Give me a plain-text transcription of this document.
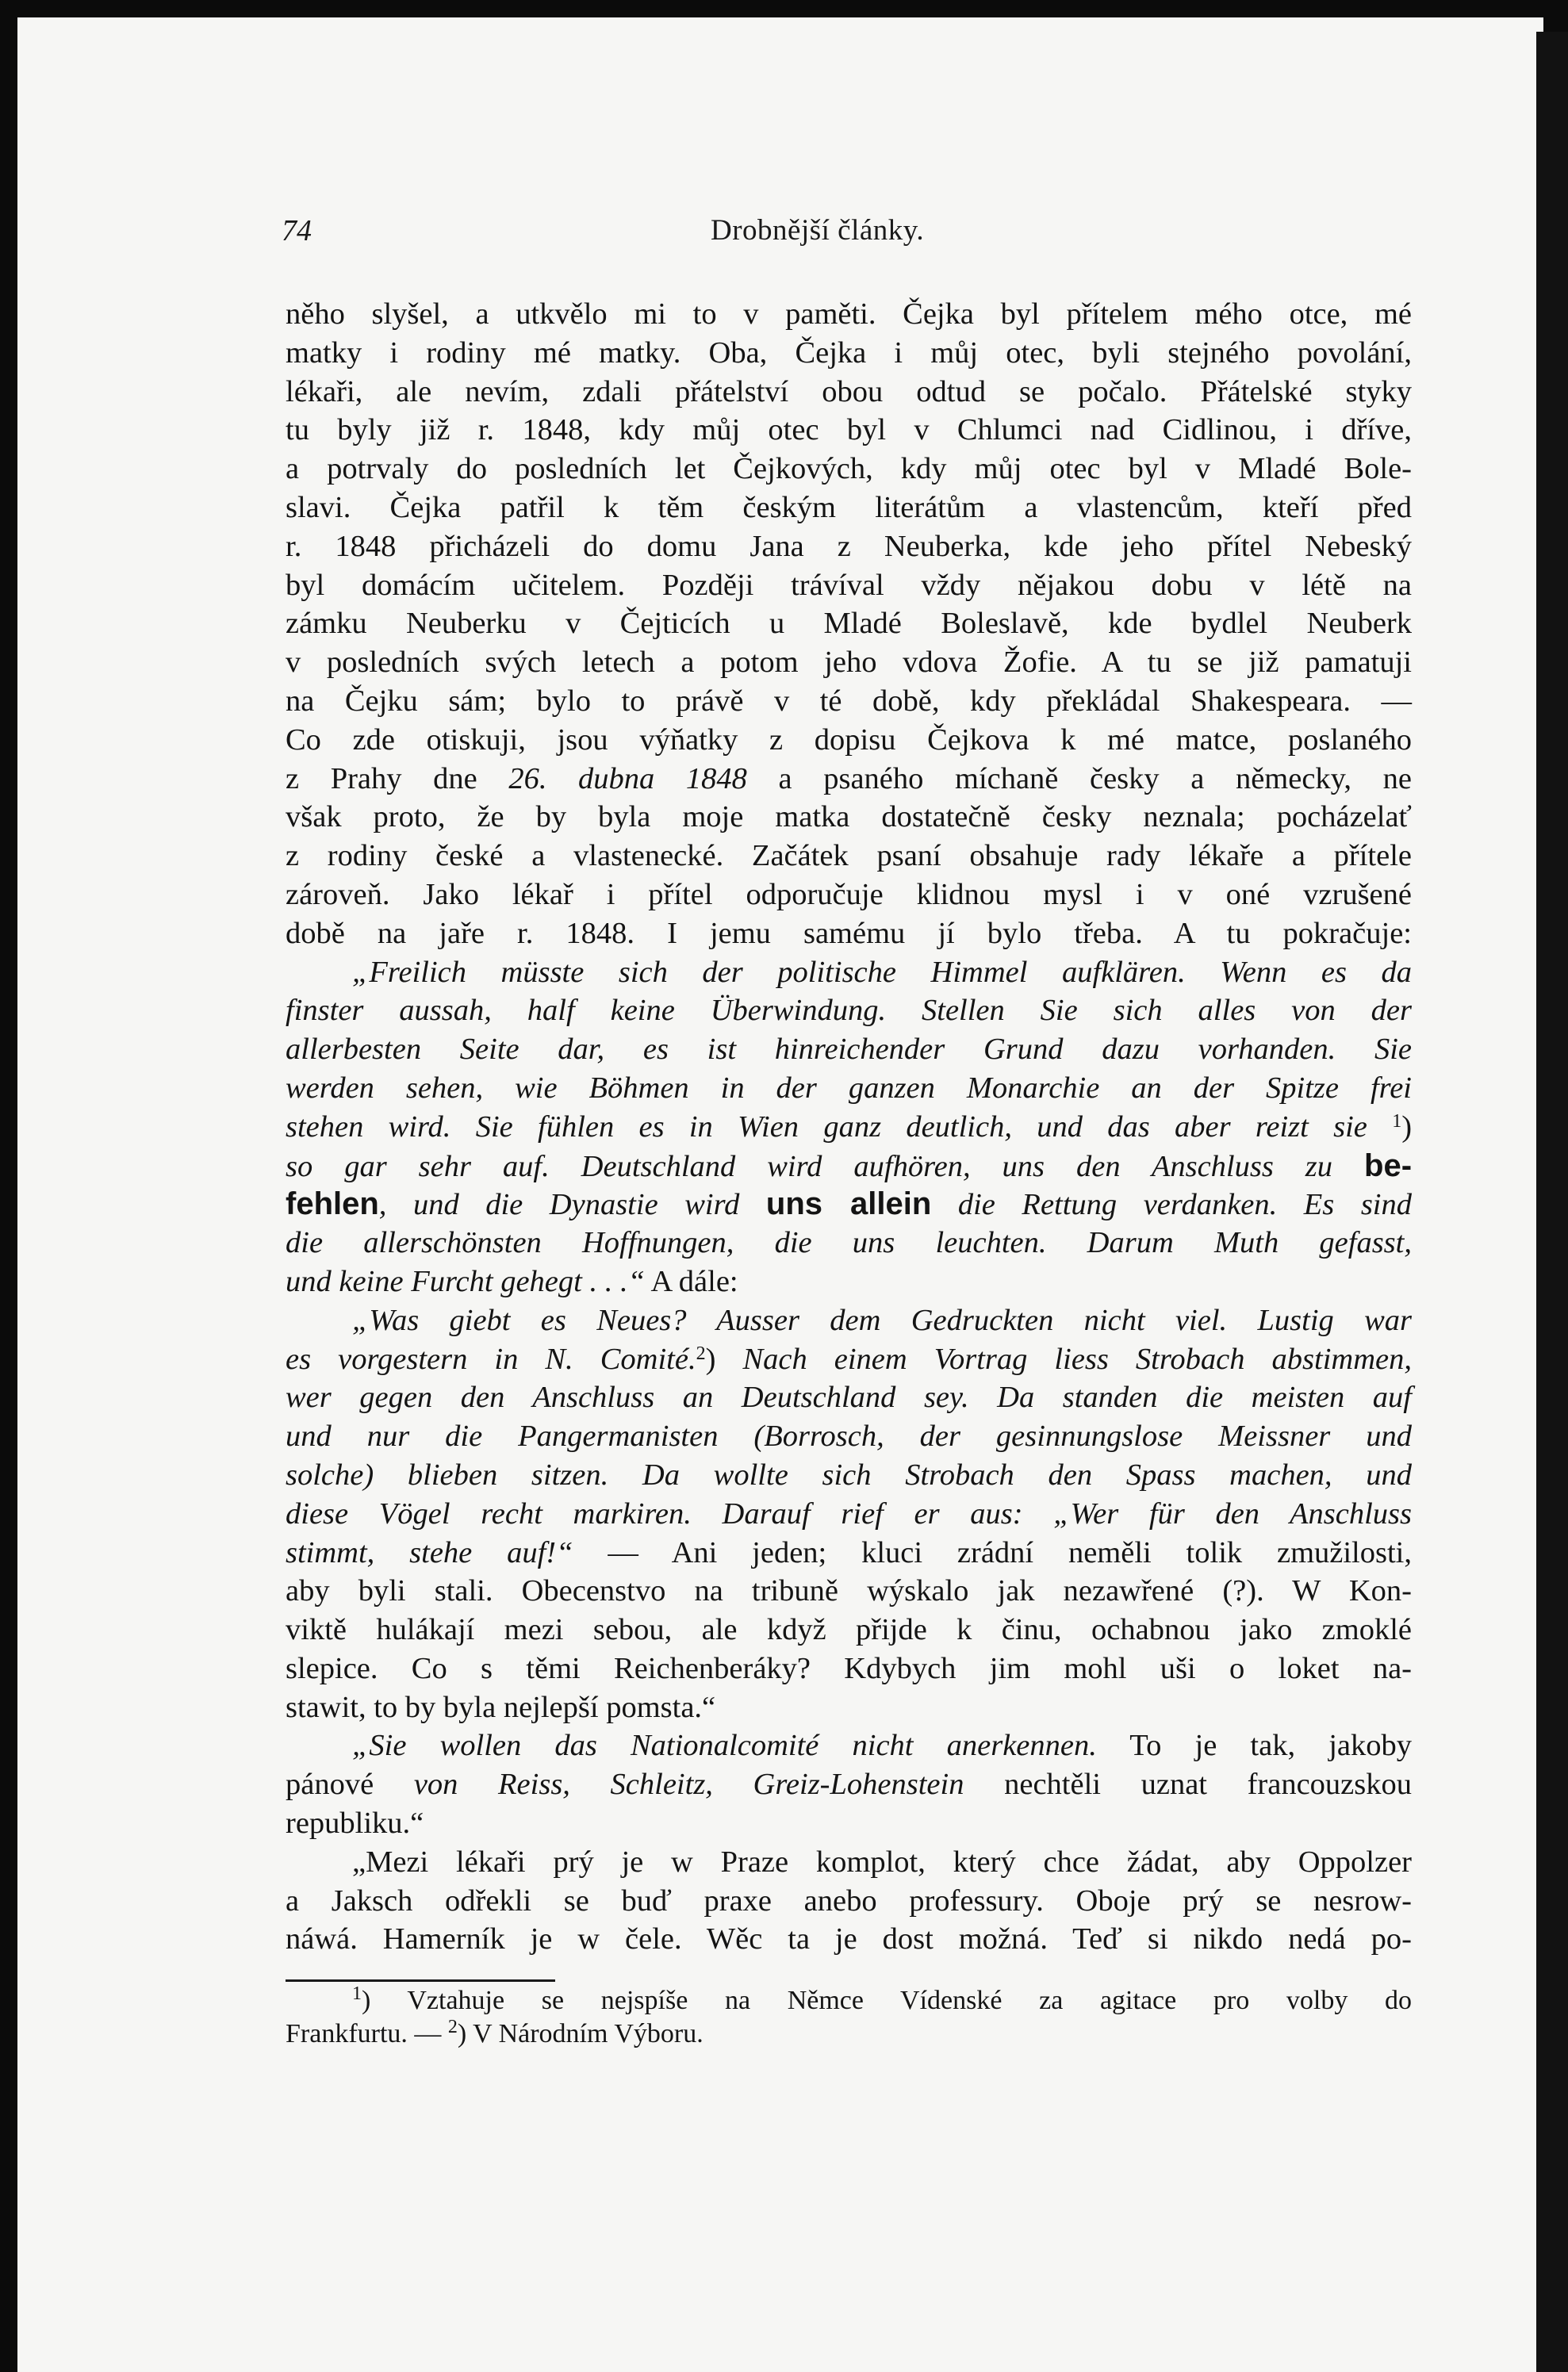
74	Drobnější články.
něho slyšel, a utkvělo mi to v paměti. Čejka byl přítelem mého otce, mé
matky i rodiny mé matky. Oba, Čejka i můj otec, byli stejného povolání,
lékaři, ale nevím, zdali přátelství obou odtud se počalo. Přátelské styky
tu byly již r. 1848, kdy můj otec byl v Chlumci nad Cidlinou, i dříve,
a potrvaly do posledních let Čejkových, kdy můj otec byl v Mladé Bole-
slavi. Čejka patřil k těm českým literátům a vlastencům, kteří před
r. 1848 přicházeli do domu Jana z Neuberka, kde jeho přítel Nebeský
byl domácím učitelem. Později trávíval vždy nějakou dobu v létě na
zámku Neuberku v Čejticích u Mladé Boleslavě, kde bydlel Neuberk
v posledních svých letech a potom jeho vdova Žofie. A tu se již pamatuji
na Čejku sám; bylo to právě v té době, kdy překládal Shakespeara. —
Co zde otiskuji, jsou výňatky z dopisu Čejkova k mé matce, poslaného
z Prahy dne 26. dubna 1848 a psaného míchaně česky a německy, ne
však proto, že by byla moje matka dostatečně česky neznala; pocházelať
z rodiny české a vlastenecké. Začátek psaní obsahuje rady lékaře a přítele
zároveň. Jako lékař i přítel odporučuje klidnou mysl i v oné vzrušené
době na jaře r. 1848. I jemu samému jí bylo třeba. A tu pokračuje:
„Freilich müsste sich der politische Himmel aufklären. Wenn es da
finster aussah, half keine Überwindung. Stellen Sie sich alles von der
allerbesten Seite dar, es ist hinreichender Grund dazu vorhanden. Sie
werden sehen, wie Böhmen in der ganzen Monarchie an der Spitze frei
stehen wird. Sie fühlen es in Wien ganz deutlich, und das aber reizt sie $^1$)
so gar sehr auf. Deutschland wird aufhören, uns den Anschluss zu be-
fehlen, und die Dynastie wird uns allein die Rettung verdanken. Es sind
die allerschönsten Hoffnungen, die uns leuchten. Darum Muth gefasst,
und keine Furcht gehegt . . .“ A dále:
„Was giebt es Neues? Ausser dem Gedruckten nicht viel. Lustig war
es vorgestern in N. Comité.$^2$) Nach einem Vortrag liess Strobach abstimmen,
wer gegen den Anschluss an Deutschland sey. Da standen die meisten auf
und nur die Pangermanisten (Borrosch, der gesinnungslose Meissner und
solche) blieben sitzen. Da wollte sich Strobach den Spass machen, und
diese Vögel recht markiren. Darauf rief er aus: „Wer für den Anschluss
stimmt, stehe auf!“ — Ani jeden; kluci zrádní neměli tolik zmužilosti,
aby byli stali. Obecenstvo na tribuně wýskalo jak nezawřené (?). W Kon-
viktě hulákají mezi sebou, ale když přijde k činu, ochabnou jako zmoklé
slepice. Co s těmi Reichenberáky? Kdybych jim mohl uši o loket na-
stawit, to by byla nejlepší pomsta.“
„Sie wollen das Nationalcomité nicht anerkennen. To je tak, jakoby
pánové von Reiss, Schleitz, Greiz-Lohenstein nechtěli uznat francouzskou
republiku.“
„Mezi lékaři prý je w Praze komplot, který chce žádat, aby Oppolzer
a Jaksch odřekli se buď praxe anebo professury. Oboje prý se nesrow-
náwá. Hamerník je w čele. Wěc ta je dost možná. Teď si nikdo nedá po-
$^1$) Vztahuje se nejspíše na Němce Vídenské za agitace pro volby do
Frankfurtu. — $^2$) V Národním Výboru.
